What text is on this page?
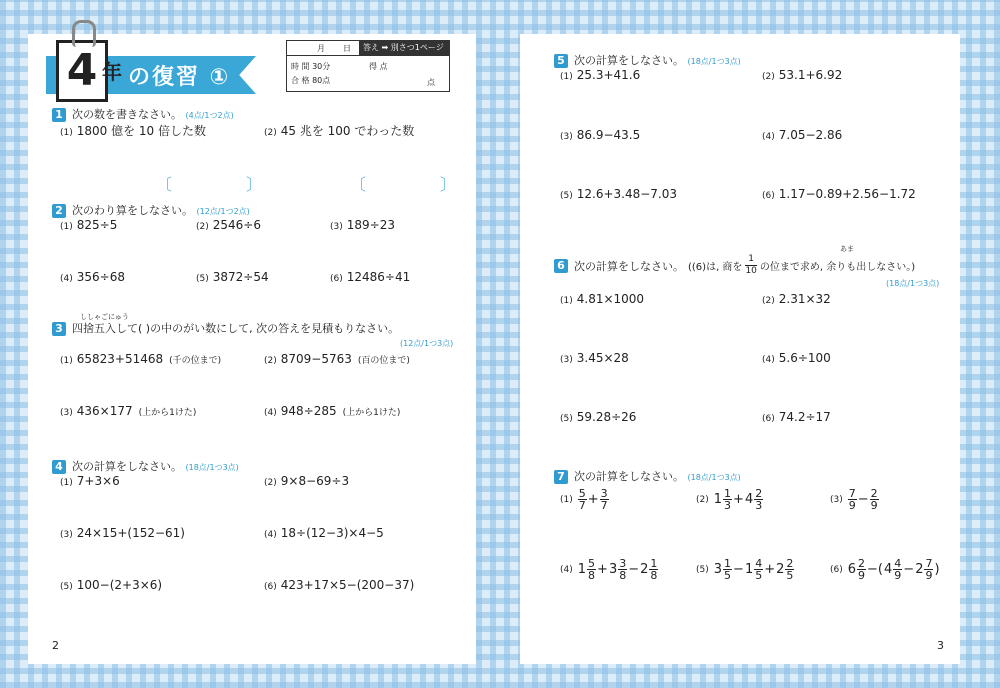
4 年 の復習 ①
月 日	答え ➡ 別さつ1ページ
時 間 30分
合 格 80点
得 点
点
1 次の数を書きなさい。 (4点/1つ2点)
(1) 1800 億を 10 倍した数	(2) 45 兆を 100 でわった数
〔	〕	〔	〕
2 次のわり算をしなさい。 (12点/1つ2点)
(1) 825÷5	(2) 2546÷6	(3) 189÷23
(4) 356÷68	(5) 3872÷54	(6) 12486÷41
ししゃごにゅう
3 四捨五入して( )の中のがい数にして, 次の答えを見積もりなさい。
(12点/1つ3点)
(1) 65823+51468 (千の位まで)	(2) 8709−5763 (百の位まで)
(3) 436×177 (上から1けた)	(4) 948÷285 (上から1けた)
4 次の計算をしなさい。 (18点/1つ3点)
(1) 7+3×6	(2) 9×8−69÷3
(3) 24×15+(152−61)	(4) 18÷(12−3)×4−5
(5) 100−(2+3×6)	(6) 423+17×5−(200−37)
2
5 次の計算をしなさい。 (18点/1つ3点)
(1) 25.3+41.6	(2) 53.1+6.92
(3) 86.9−43.5	(4) 7.05−2.86
(5) 12.6+3.48−7.03	(6) 1.17−0.89+2.56−1.72
あま
6 次の計算をしなさい。 ((6)は, 商を $\frac{1}{10}$ の位まで求め, 余りも出しなさい。)
(18点/1つ3点)
(1) 4.81×1000	(2) 2.31×32
(3) 3.45×28	(4) 5.6÷100
(5) 59.28÷26	(6) 74.2÷17
7 次の計算をしなさい。 (18点/1つ3点)
$(1) \frac{5}{7} + \frac{3}{7}$	(2) $1 \frac{1}{3} + 4 \frac{2}{3}$	$(3) \frac{7}{9} - \frac{2}{9}$
(4) $1 \frac{5}{8} + 3 \frac{3}{8} - 2 \frac{1}{8}$	(5) $3 \frac{1}{5} - 1 \frac{4}{5} + 2 \frac{2}{5}$	(6) $6 \frac{2}{9}$ −( $4 \frac{4}{9} - 2 \frac{7}{9}$ )
3
